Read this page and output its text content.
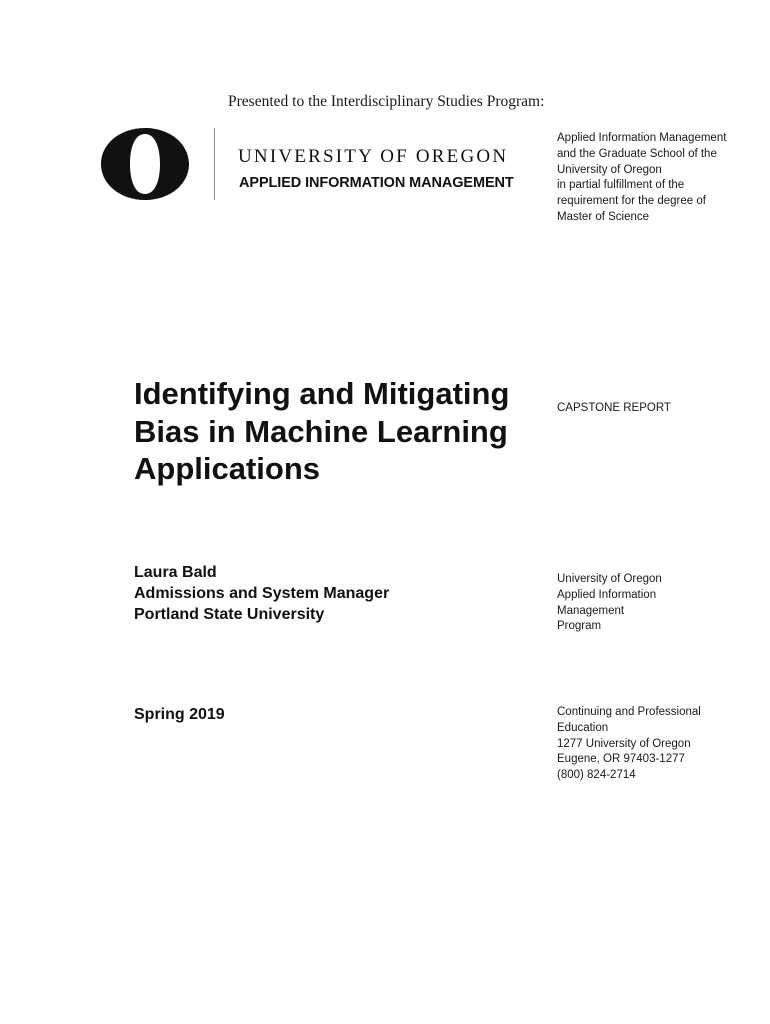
Presented to the Interdisciplinary Studies Program:
UNIVERSITY OF OREGON
APPLIED INFORMATION MANAGEMENT
Applied Information Management
and the Graduate School of the
University of Oregon
in partial fulfillment of the
requirement for the degree of
Master of Science
Identifying and Mitigating
Bias in Machine Learning
Applications
CAPSTONE REPORT
Laura Bald
Admissions and System Manager
Portland State University
University of Oregon
Applied Information
Management
Program
Spring 2019	Continuing and Professional
Education
1277 University of Oregon
Eugene, OR 97403-1277
(800) 824-2714
